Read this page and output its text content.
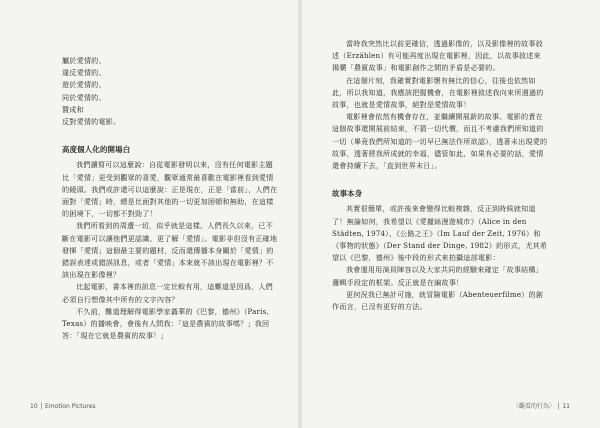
屬於愛情的、

違反愛情的、

遊於愛情的、

同於愛情的、

贊成和

反對愛情的電影。

高度個人化的開場白

我們讀寫可以這麼說：自從電影發明以來，沒有任何電影主題比「愛情」更受到觀眾的喜愛，觀眾通常最喜歡在電影裡看到愛情的鏡頭。我們或許還可以這麼說：正是現在，正是「當前」，人們在面對「愛情」時，總是比面對其他的一切更加困頓和無助，在這樣的困境下，一切都不對勁了！

我們所看到的周遭一切，似乎就是這樣。人們長久以來，已不斷在電影可以讓他們更認識、更了解「愛情」。電影非但沒有正確地發揮「愛情」這個最主要的題材，反而還傳播本身關於「愛情」的錯誤表達或錯誤訊息，或者「愛情」本來就不該出現在電影裡？不該出現在影像裡？

比起電影，書本裡的訊息一定比較有用，這難道是因爲，人們必須自行想像其中所有的文字內容？

不久前，難道理解得電影學家聶華的《巴黎，德州》（Paris, Texas）的播映會，會後有人問我：「這是農賓的故事嗎？」我回答：「現在它就是農賓的故事！」

10 │ Emotion Pictures

當時我突然比以前更確信，透過影像的，以及影像裡的故事敘述（Erzählen）有可能再度出現在電影裡，因此，以故事敘述來揭櫫「農賓故事」和電影創作之間的矛盾是必要的。

在這個片刻，我確實對電影懷有無比的信心，往後也依然如此，所以我知道，我應該把握機會，在電影裡敘述我向來所遇過的故事，也就是愛情故事，絕對是愛情故事！

電影裡會依然有機會存在，並繼續開展新的故事。電影的責在這個故事還開展前結束，不猜一切代價，而且不考慮我們所知道的一切（畢竟我們所知道的一切早已無法作所欲認），透著未出現愛的故事，透著將我所成就的幸福，儘管如此，如果有必要的話，愛情還會持續下去，「直到世界末日」。

故事本身

其實很簡單，或許後來會變得比較複雜，反正到時候就知道了！無論如何，我希望以《愛麗絲漫遊城市》（Alice in den Städten, 1974）、《公路之王》（Im Lauf der Zeit, 1976）和《事物的狀態》（Der Stand der Dinge, 1982）的形式，尤其希望以《巴黎，德州》後中段的形式來拍攝這部電影：

我會運用用演員陣容以及大家共同的經驗來確定「故事結構」邏輯手段定的框架。反正就是在編故事！

更何況我已無計可施，就冒險電影（Abenteuerfilme）的創作而言，已沒有更好的方法。

〈觀看的行為〉 │ 11
